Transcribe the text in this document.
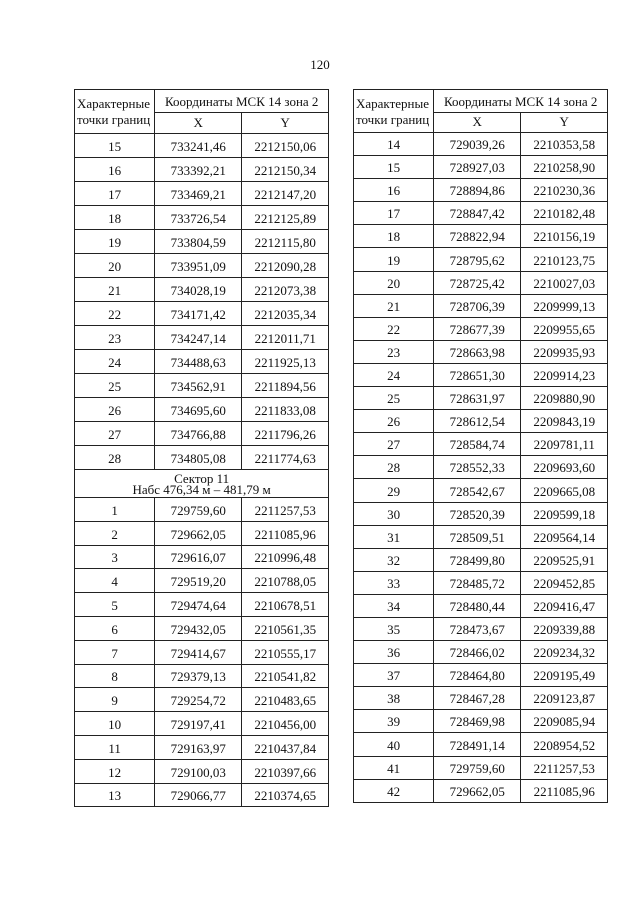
120
Характерные
точки границ	Координаты МСК 14 зона 2	
	X	Y
15	733241,46	2212150,06
16	733392,21	2212150,34
17	733469,21	2212147,20
18	733726,54	2212125,89
19	733804,59	2212115,80
20	733951,09	2212090,28
21	734028,19	2212073,38
22	734171,42	2212035,34
23	734247,14	2212011,71
24	734488,63	2211925,13
25	734562,91	2211894,56
26	734695,60	2211833,08
27	734766,88	2211796,26
28	734805,08	2211774,63
Сектор 11
Набс 476,34 м – 481,79 м		
1	729759,60	2211257,53
2	729662,05	2211085,96
3	729616,07	2210996,48
4	729519,20	2210788,05
5	729474,64	2210678,51
6	729432,05	2210561,35
7	729414,67	2210555,17
8	729379,13	2210541,82
9	729254,72	2210483,65
10	729197,41	2210456,00
11	729163,97	2210437,84
12	729100,03	2210397,66
13	729066,77	2210374,65
Характерные
точки границ	Координаты МСК 14 зона 2	
	X	Y
14	729039,26	2210353,58
15	728927,03	2210258,90
16	728894,86	2210230,36
17	728847,42	2210182,48
18	728822,94	2210156,19
19	728795,62	2210123,75
20	728725,42	2210027,03
21	728706,39	2209999,13
22	728677,39	2209955,65
23	728663,98	2209935,93
24	728651,30	2209914,23
25	728631,97	2209880,90
26	728612,54	2209843,19
27	728584,74	2209781,11
28	728552,33	2209693,60
29	728542,67	2209665,08
30	728520,39	2209599,18
31	728509,51	2209564,14
32	728499,80	2209525,91
33	728485,72	2209452,85
34	728480,44	2209416,47
35	728473,67	2209339,88
36	728466,02	2209234,32
37	728464,80	2209195,49
38	728467,28	2209123,87
39	728469,98	2209085,94
40	728491,14	2208954,52
41	729759,60	2211257,53
42	729662,05	2211085,96
